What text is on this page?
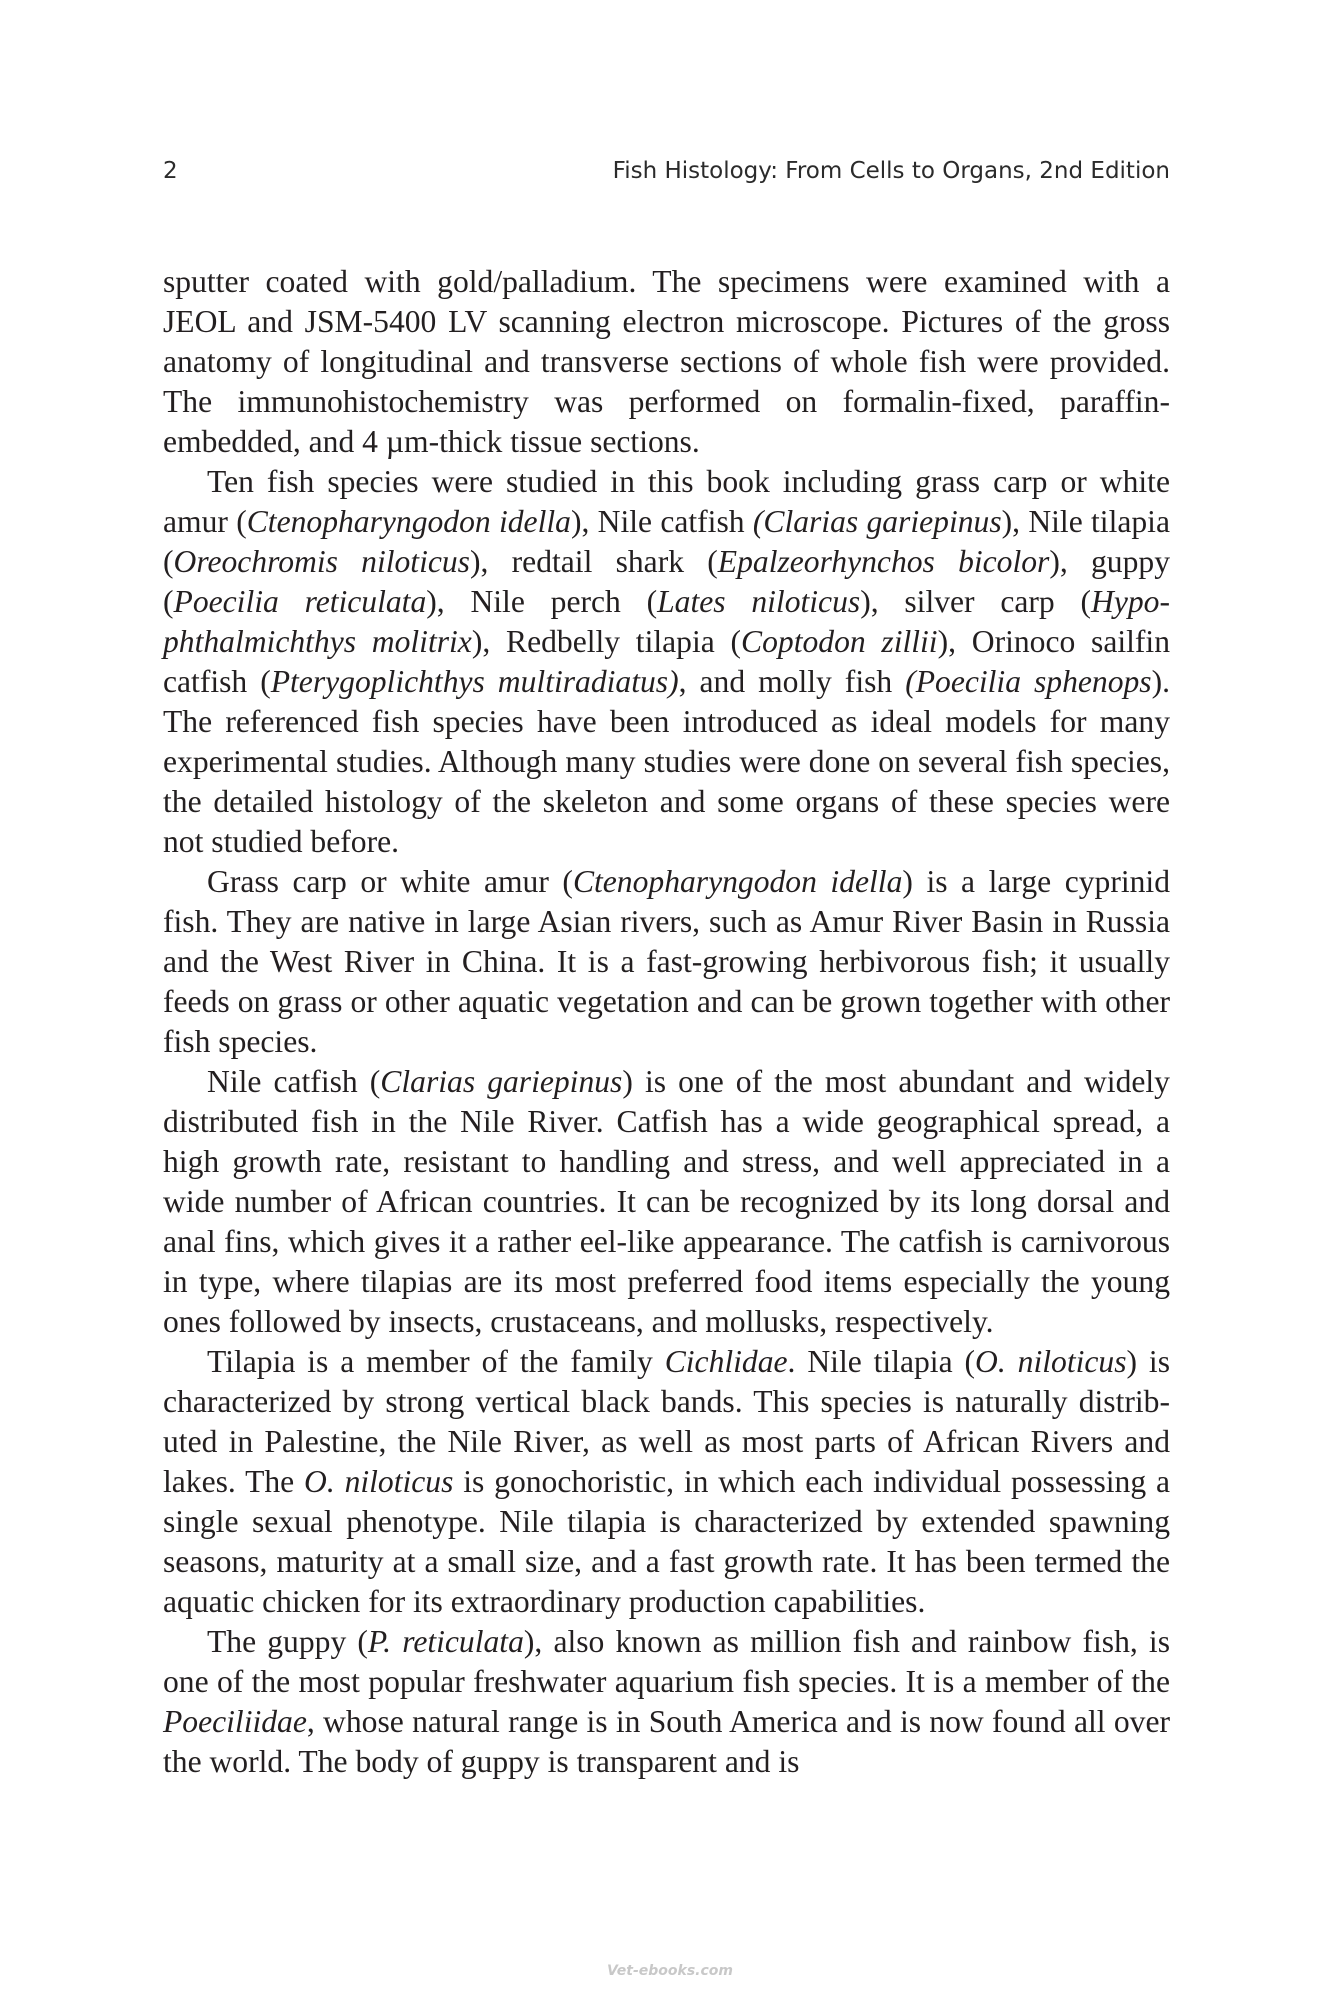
2	Fish Histology: From Cells to Organs, 2nd Edition

sputter coated with gold/palladium. The specimens were examined with a JEOL and JSM-5400 LV scanning electron microscope. Pictures of the gross anatomy of longitudinal and transverse sections of whole fish were provided. The immunohistochemistry was performed on formalin-fixed, paraffin-embedded, and 4 µm-thick tissue sections.

Ten fish species were studied in this book including grass carp or white amur (Ctenopharyngodon idella), Nile catfish (Clarias gariepinus), Nile tilapia (Oreochromis niloticus), redtail shark (Epalzeorhynchos bicolor), guppy (Poecilia reticulata), Nile perch (Lates niloticus), silver carp (Hypophthalmichthys molitrix), Redbelly tilapia (Coptodon zillii), Orinoco sailfin catfish (Pterygoplichthys multiradiatus), and molly fish (Poecilia sphenops). The referenced fish species have been introduced as ideal models for many experimental studies. Although many studies were done on several fish species, the detailed histology of the skeleton and some organs of these species were not studied before.

Grass carp or white amur (Ctenopharyngodon idella) is a large cyprinid fish. They are native in large Asian rivers, such as Amur River Basin in Russia and the West River in China. It is a fast-growing herbivorous fish; it usually feeds on grass or other aquatic vegetation and can be grown together with other fish species.

Nile catfish (Clarias gariepinus) is one of the most abundant and widely distributed fish in the Nile River. Catfish has a wide geographical spread, a high growth rate, resistant to handling and stress, and well appreciated in a wide number of African countries. It can be recognized by its long dorsal and anal fins, which gives it a rather eel-like appearance. The catfish is carnivorous in type, where tilapias are its most preferred food items especially the young ones followed by insects, crustaceans, and mollusks, respectively.

Tilapia is a member of the family Cichlidae. Nile tilapia (O. niloticus) is characterized by strong vertical black bands. This species is naturally distributed in Palestine, the Nile River, as well as most parts of African Rivers and lakes. The O. niloticus is gonochoristic, in which each individual possessing a single sexual phenotype. Nile tilapia is characterized by extended spawning seasons, maturity at a small size, and a fast growth rate. It has been termed the aquatic chicken for its extraordinary production capabilities.

The guppy (P. reticulata), also known as million fish and rainbow fish, is one of the most popular freshwater aquarium fish species. It is a member of the Poeciliidae, whose natural range is in South America and is now found all over the world. The body of guppy is transparent and is

Vet-ebooks.com
